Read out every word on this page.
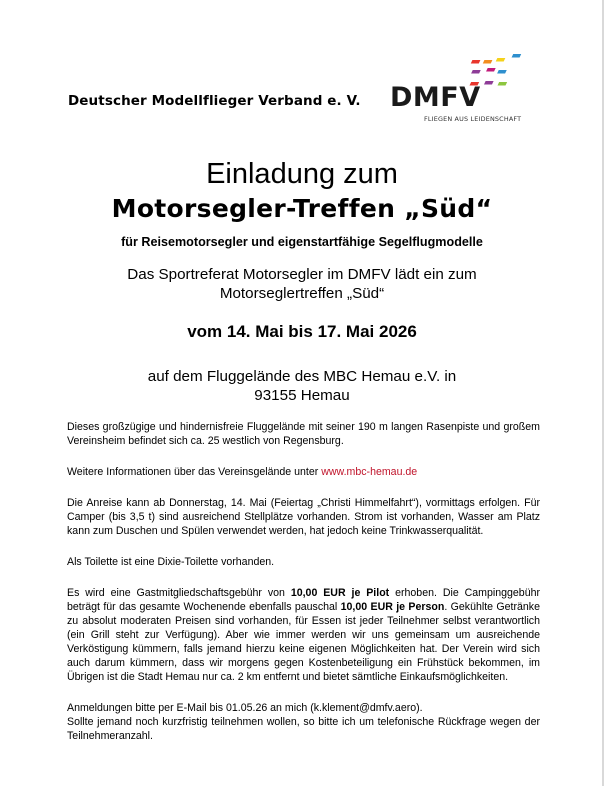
Deutscher Modellflieger Verband e. V. DMFV
FLIEGEN AUS LEIDENSCHAFT
Einladung zum
Motorsegler-Treffen „Süd“
für Reisemotorsegler und eigenstartfähige Segelflugmodelle
Das Sportreferat Motorsegler im DMFV lädt ein zum
Motorseglertreffen „Süd“
vom 14. Mai bis 17. Mai 2026
auf dem Fluggelände des MBC Hemau e.V. in
93155 Hemau

Dieses großzügige und hindernisfreie Fluggelände mit seiner 190 m langen Rasenpiste und großem Vereinsheim befindet sich ca. 25 westlich von Regensburg.

Weitere Informationen über das Vereinsgelände unter www.mbc-hemau.de

Die Anreise kann ab Donnerstag, 14. Mai (Feiertag „Christi Himmelfahrt“), vormittags erfolgen. Für Camper (bis 3,5 t) sind ausreichend Stellplätze vorhanden. Strom ist vorhanden, Wasser am Platz kann zum Duschen und Spülen verwendet werden, hat jedoch keine Trinkwasserqualität.

Als Toilette ist eine Dixie-Toilette vorhanden.

Es wird eine Gastmitgliedschaftsgebühr von 10,00 EUR je Pilot erhoben. Die Campinggebühr beträgt für das gesamte Wochenende ebenfalls pauschal 10,00 EUR je Person. Gekühlte Getränke zu absolut moderaten Preisen sind vorhanden, für Essen ist jeder Teilnehmer selbst verantwortlich (ein Grill steht zur Verfügung). Aber wie immer werden wir uns gemeinsam um ausreichende Verköstigung kümmern, falls jemand hierzu keine eigenen Möglichkeiten hat. Der Verein wird sich auch darum kümmern, dass wir morgens gegen Kostenbeteiligung ein Frühstück bekommen, im Übrigen ist die Stadt Hemau nur ca. 2 km entfernt und bietet sämtliche Einkaufsmöglichkeiten.

Anmeldungen bitte per E-Mail bis 01.05.26 an mich (k.klement@dmfv.aero).
Sollte jemand noch kurzfristig teilnehmen wollen, so bitte ich um telefonische Rückfrage wegen der Teilnehmeranzahl.
